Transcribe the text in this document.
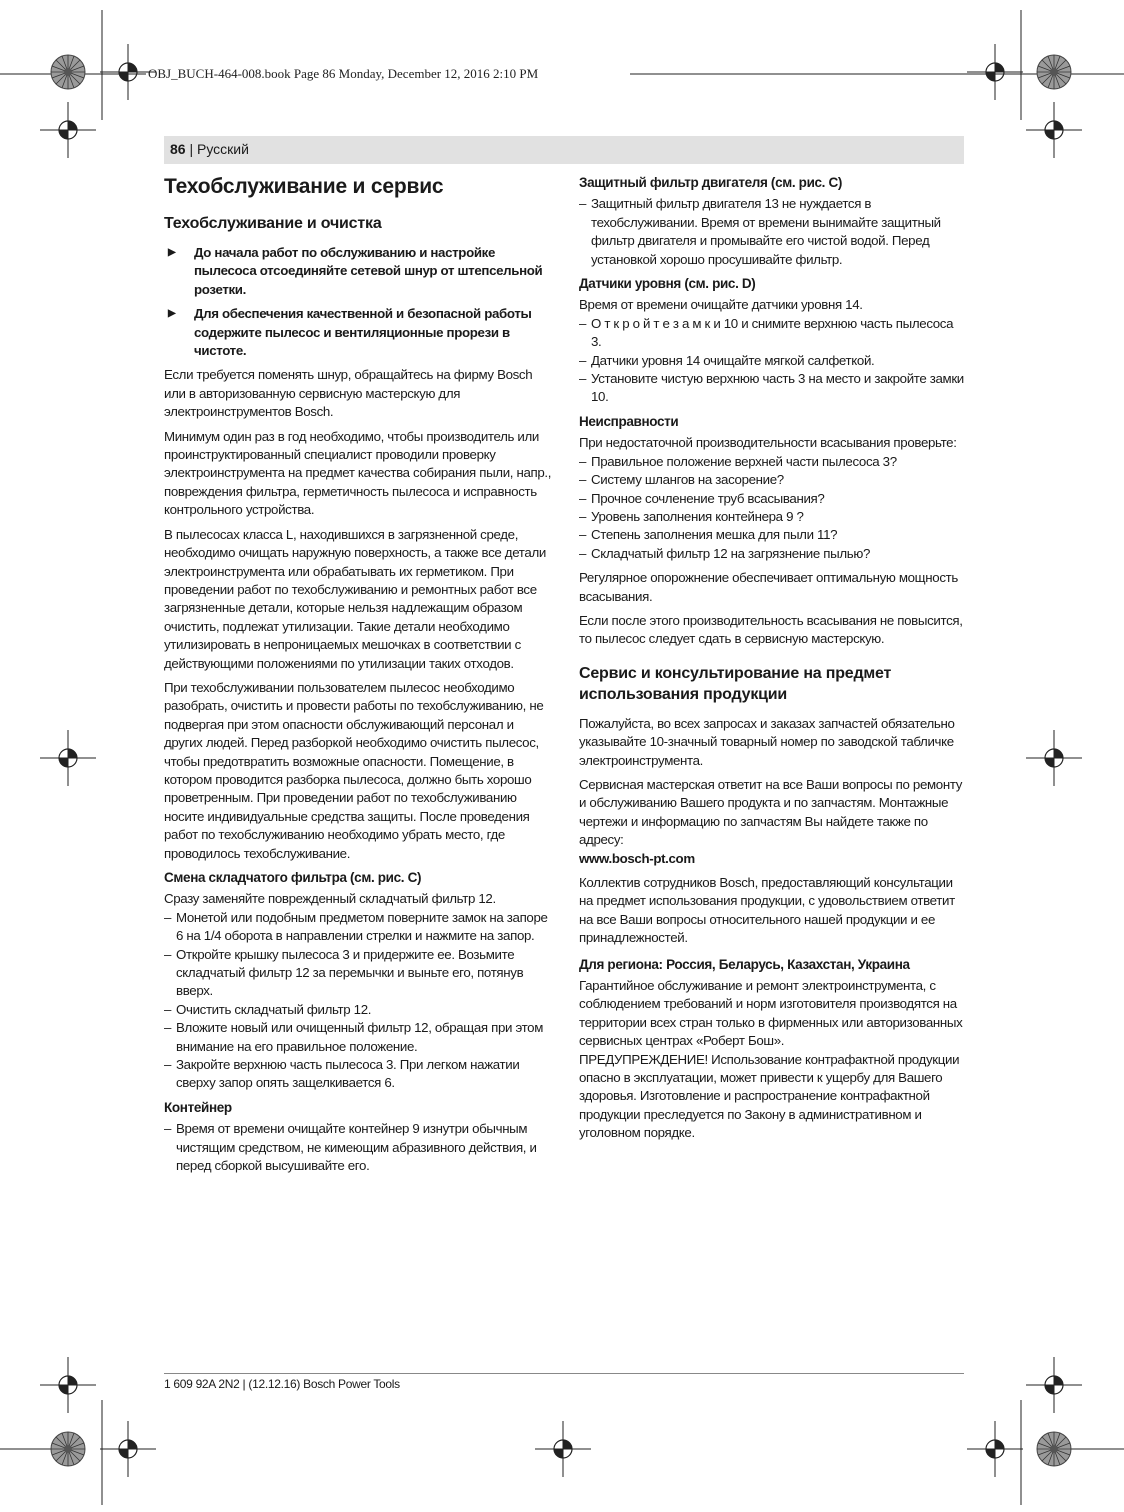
OBJ_BUCH-464-008.book Page 86 Monday, December 12, 2016 2:10 PM
86 | Русский
Техобслуживание и сервис
Техобслуживание и очистка
▶ До начала работ по обслуживанию и настройке пылесоса отсоединяйте сетевой шнур от штепсельной розетки.
▶ Для обеспечения качественной и безопасной работы содержите пылесос и вентиляционные прорези в чистоте.

Если требуется поменять шнур, обращайтесь на фирму Bosch или в авторизованную сервисную мастерскую для электроинструментов Bosch.

Минимум один раз в год необходимо, чтобы производитель или проинструктированный специалист проводили проверку электроинструмента на предмет качества собирания пыли, напр., повреждения фильтра, герметичность пылесоса и исправность контрольного устройства.

В пылесосах класса L, находившихся в загрязненной среде, необходимо очищать наружную поверхность, а также все детали электроинструмента или обрабатывать их герметиком. При проведении работ по техобслуживанию и ремонтных работ все загрязненные детали, которые нельзя надлежащим образом очистить, подлежат утилизации. Такие детали необходимо утилизировать в непроницаемых мешочках в соответствии с действующими положениями по утилизации таких отходов.

При техобслуживании пользователем пылесос необходимо разобрать, очистить и провести работы по техобслуживанию, не подвергая при этом опасности обслуживающий персонал и других людей. Перед разборкой необходимо очистить пылесос, чтобы предотвратить возможные опасности. Помещение, в котором проводится разборка пылесоса, должно быть хорошо проветренным. При проведении работ по техобслуживанию носите индивидуальные средства защиты. После проведения работ по техобслуживанию необходимо убрать место, где проводилось техобслуживание.

Смена складчатого фильтра (см. рис. C)

Сразу заменяйте поврежденный складчатый фильтр 12.

– Монетой или подобным предметом поверните замок на запоре 6 на 1/4 оборота в направлении стрелки и нажмите на запор.
– Откройте крышку пылесоса 3 и придержите ее. Возьмите складчатый фильтр 12 за перемычки и выньте его, потянув вверх.
– Очистить складчатый фильтр 12.
– Вложите новый или очищенный фильтр 12, обращая при этом внимание на его правильное положение.
– Закройте верхнюю часть пылесоса 3. При легком нажатии сверху запор опять защелкивается 6.
Контейнер
– Время от времени очищайте контейнер 9 изнутри обычным чистящим средством, не кимеющим абразивного действия, и перед сборкой высушивайте его.
Защитный фильтр двигателя (см. рис. C)
– Защитный фильтр двигателя 13 не нуждается в техобслуживании. Время от времени вынимайте защитный фильтр двигателя и промывайте его чистой водой. Перед установкой хорошо просушивайте фильтр.
Датчики уровня (см. рис. D)

Время от времени очищайте датчики уровня 14.

– О т к р о й т е з а м к и 10 и снимите верхнюю часть пылесоса 3.
– Датчики уровня 14 очищайте мягкой салфеткой.
– Установите чистую верхнюю часть 3 на место и закройте замки 10.
Неисправности

При недостаточной производительности всасывания проверьте:

– Правильное положение верхней части пылесоса 3?
– Систему шлангов на засорение?
– Прочное сочленение труб всасывания?
– Уровень заполнения контейнера 9 ?
– Степень заполнения мешка для пыли 11?
– Складчатый фильтр 12 на загрязнение пылью?

Регулярное опорожнение обеспечивает оптимальную мощность всасывания.

Если после этого производительность всасывания не повысится, то пылесос следует сдать в сервисную мастерскую.

Сервис и консультирование на предмет использования продукции

Пожалуйста, во всех запросах и заказах запчастей обязательно указывайте 10-значный товарный номер по заводской табличке электроинструмента.

Сервисная мастерская ответит на все Ваши вопросы по ремонту и обслуживанию Вашего продукта и по запчастям. Монтажные чертежи и информацию по запчастям Вы найдете также по адресу:

www.bosch-pt.com

Коллектив сотрудников Bosch, предоставляющий консультации на предмет использования продукции, с удовольствием ответит на все Ваши вопросы относительного нашей продукции и ее принадлежностей.

Для региона: Россия, Беларусь, Казахстан, Украина

Гарантийное обслуживание и ремонт электроинструмента, с соблюдением требований и норм изготовителя производятся на территории всех стран только в фирменных или авторизованных сервисных центрах «Роберт Бош».

ПРЕДУПРЕЖДЕНИЕ! Использование контрафактной продукции опасно в эксплуатации, может привести к ущербу для Вашего здоровья. Изготовление и распространение контрафактной продукции преследуется по Закону в административном и уголовном порядке.

1 609 92A 2N2 | (12.12.16) Bosch Power Tools
